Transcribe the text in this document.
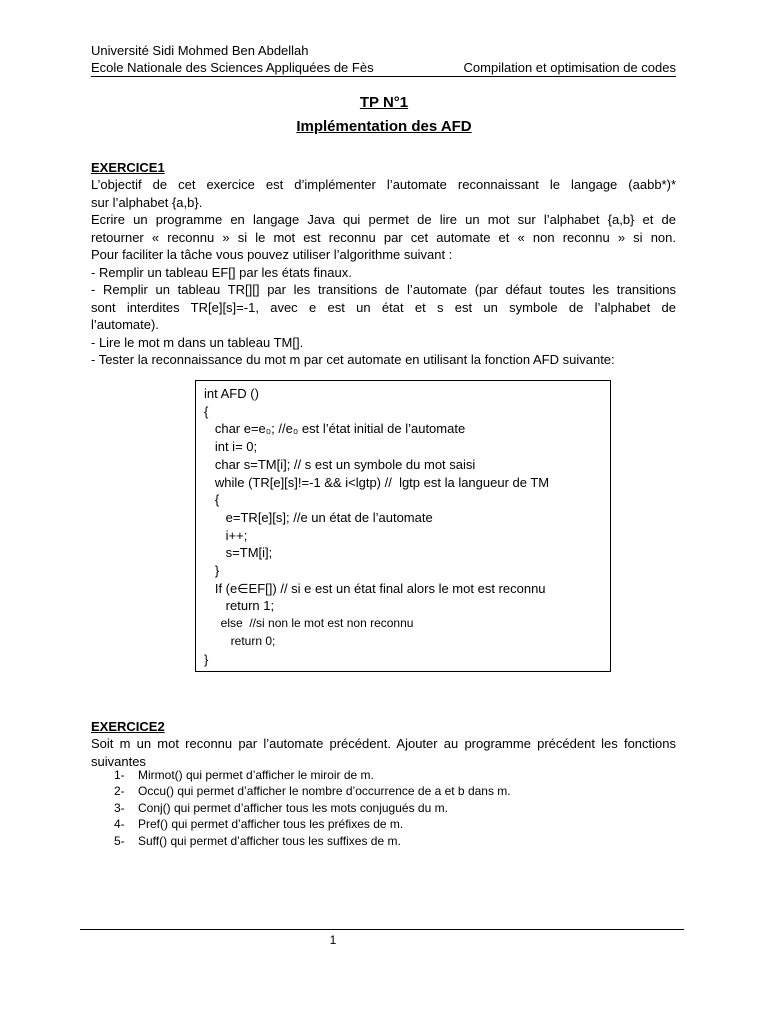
Université Sidi Mohmed Ben Abdellah
Ecole Nationale des Sciences Appliquées de Fès	Compilation et optimisation de codes
TP N°1
Implémentation des AFD
EXERCICE1
L’objectif de cet exercice est d’implémenter l’automate reconnaissant le langage (aabb*)*
sur l’alphabet {a,b}.
Ecrire un programme en langage Java qui permet de lire un mot sur l’alphabet {a,b} et de
retourner « reconnu » si le mot est reconnu par cet automate et « non reconnu » si non.
Pour faciliter la tâche vous pouvez utiliser l’algorithme suivant :
- Remplir un tableau EF[] par les états finaux.
- Remplir un tableau TR[][] par les transitions de l’automate (par défaut toutes les transitions
sont interdites TR[e][s]=-1, avec e est un état et s est un symbole de l’alphabet de
l’automate).
- Lire le mot m dans un tableau TM[].
- Tester la reconnaissance du mot m par cet automate en utilisant la fonction AFD suivante:
int AFD ()
{
char e=e₀; //e₀ est l’état initial de l’automate
int i= 0;
char s=TM[i]; // s est un symbole du mot saisi
while (TR[e][s]!=-1 && i<lgtp) //  lgtp est la langueur de TM
{
e=TR[e][s]; //e un état de l’automate
i++;
s=TM[i];
}
If (e∈EF[]) // si e est un état final alors le mot est reconnu
return 1;
else  //si non le mot est non reconnu
return 0;
}
EXERCICE2
Soit m un mot reconnu par l’automate précédent. Ajouter au programme précédent les fonctions
suivantes
1- Mirmot() qui permet d’afficher le miroir de m.
2- Occu() qui permet d’afficher le nombre d’occurrence de a et b dans m.
3- Conj() qui permet d’afficher tous les mots conjugués du m.
4- Pref() qui permet d’afficher tous les préfixes de m.
5- Suff() qui permet d’afficher tous les suffixes de m.
1
